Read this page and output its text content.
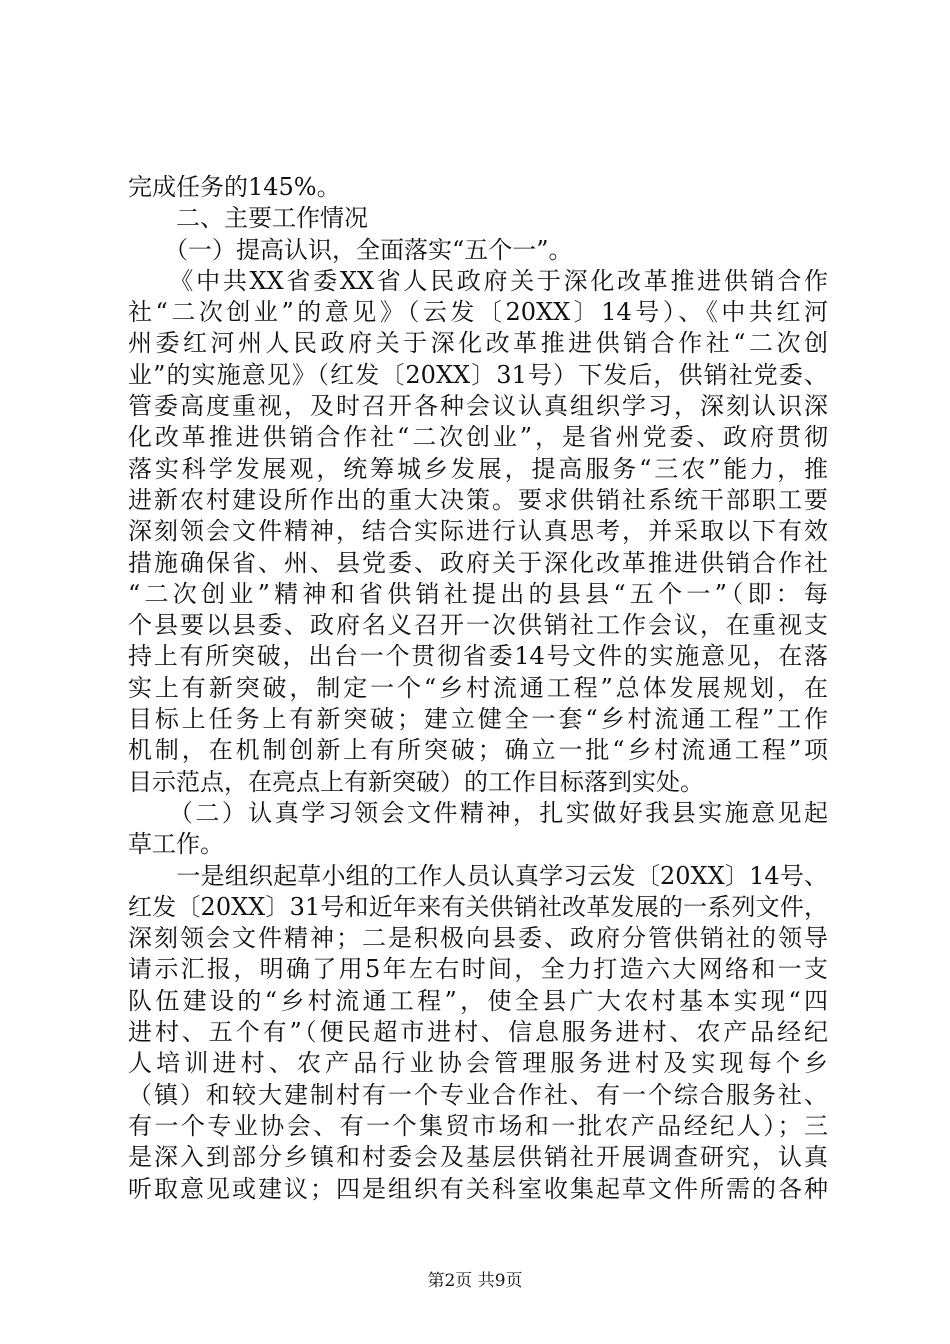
完成任务的145%。
　　二、主要工作情况
　　（一）提高认识，全面落实“五个一”。
　　《中共XX省委XX省人民政府关于深化改革推进供销合作
社“二次创业”的意见》（云发〔20XX〕14号）、《中共红河
州委红河州人民政府关于深化改革推进供销合作社“二次创
业”的实施意见》（红发〔20XX〕31号）下发后，供销社党委、
管委高度重视，及时召开各种会议认真组织学习，深刻认识深
化改革推进供销合作社“二次创业”，是省州党委、政府贯彻
落实科学发展观，统筹城乡发展，提高服务“三农”能力，推
进新农村建设所作出的重大决策。要求供销社系统干部职工要
深刻领会文件精神，结合实际进行认真思考，并采取以下有效
措施确保省、州、县党委、政府关于深化改革推进供销合作社
“二次创业”精神和省供销社提出的县县“五个一”（即：每
个县要以县委、政府名义召开一次供销社工作会议，在重视支
持上有所突破，出台一个贯彻省委14号文件的实施意见，在落
实上有新突破，制定一个“乡村流通工程”总体发展规划，在
目标上任务上有新突破；建立健全一套“乡村流通工程”工作
机制，在机制创新上有所突破；确立一批“乡村流通工程”项
目示范点，在亮点上有新突破）的工作目标落到实处。
　　（二）认真学习领会文件精神，扎实做好我县实施意见起
草工作。
　　一是组织起草小组的工作人员认真学习云发〔20XX〕14号、
红发〔20XX〕31号和近年来有关供销社改革发展的一系列文件，
深刻领会文件精神；二是积极向县委、政府分管供销社的领导
请示汇报，明确了用5年左右时间，全力打造六大网络和一支
队伍建设的“乡村流通工程”，使全县广大农村基本实现“四
进村、五个有”（便民超市进村、信息服务进村、农产品经纪
人培训进村、农产品行业协会管理服务进村及实现每个乡
（镇）和较大建制村有一个专业合作社、有一个综合服务社、
有一个专业协会、有一个集贸市场和一批农产品经纪人）；三
是深入到部分乡镇和村委会及基层供销社开展调查研究，认真
听取意见或建议；四是组织有关科室收集起草文件所需的各种
第2页 共9页
